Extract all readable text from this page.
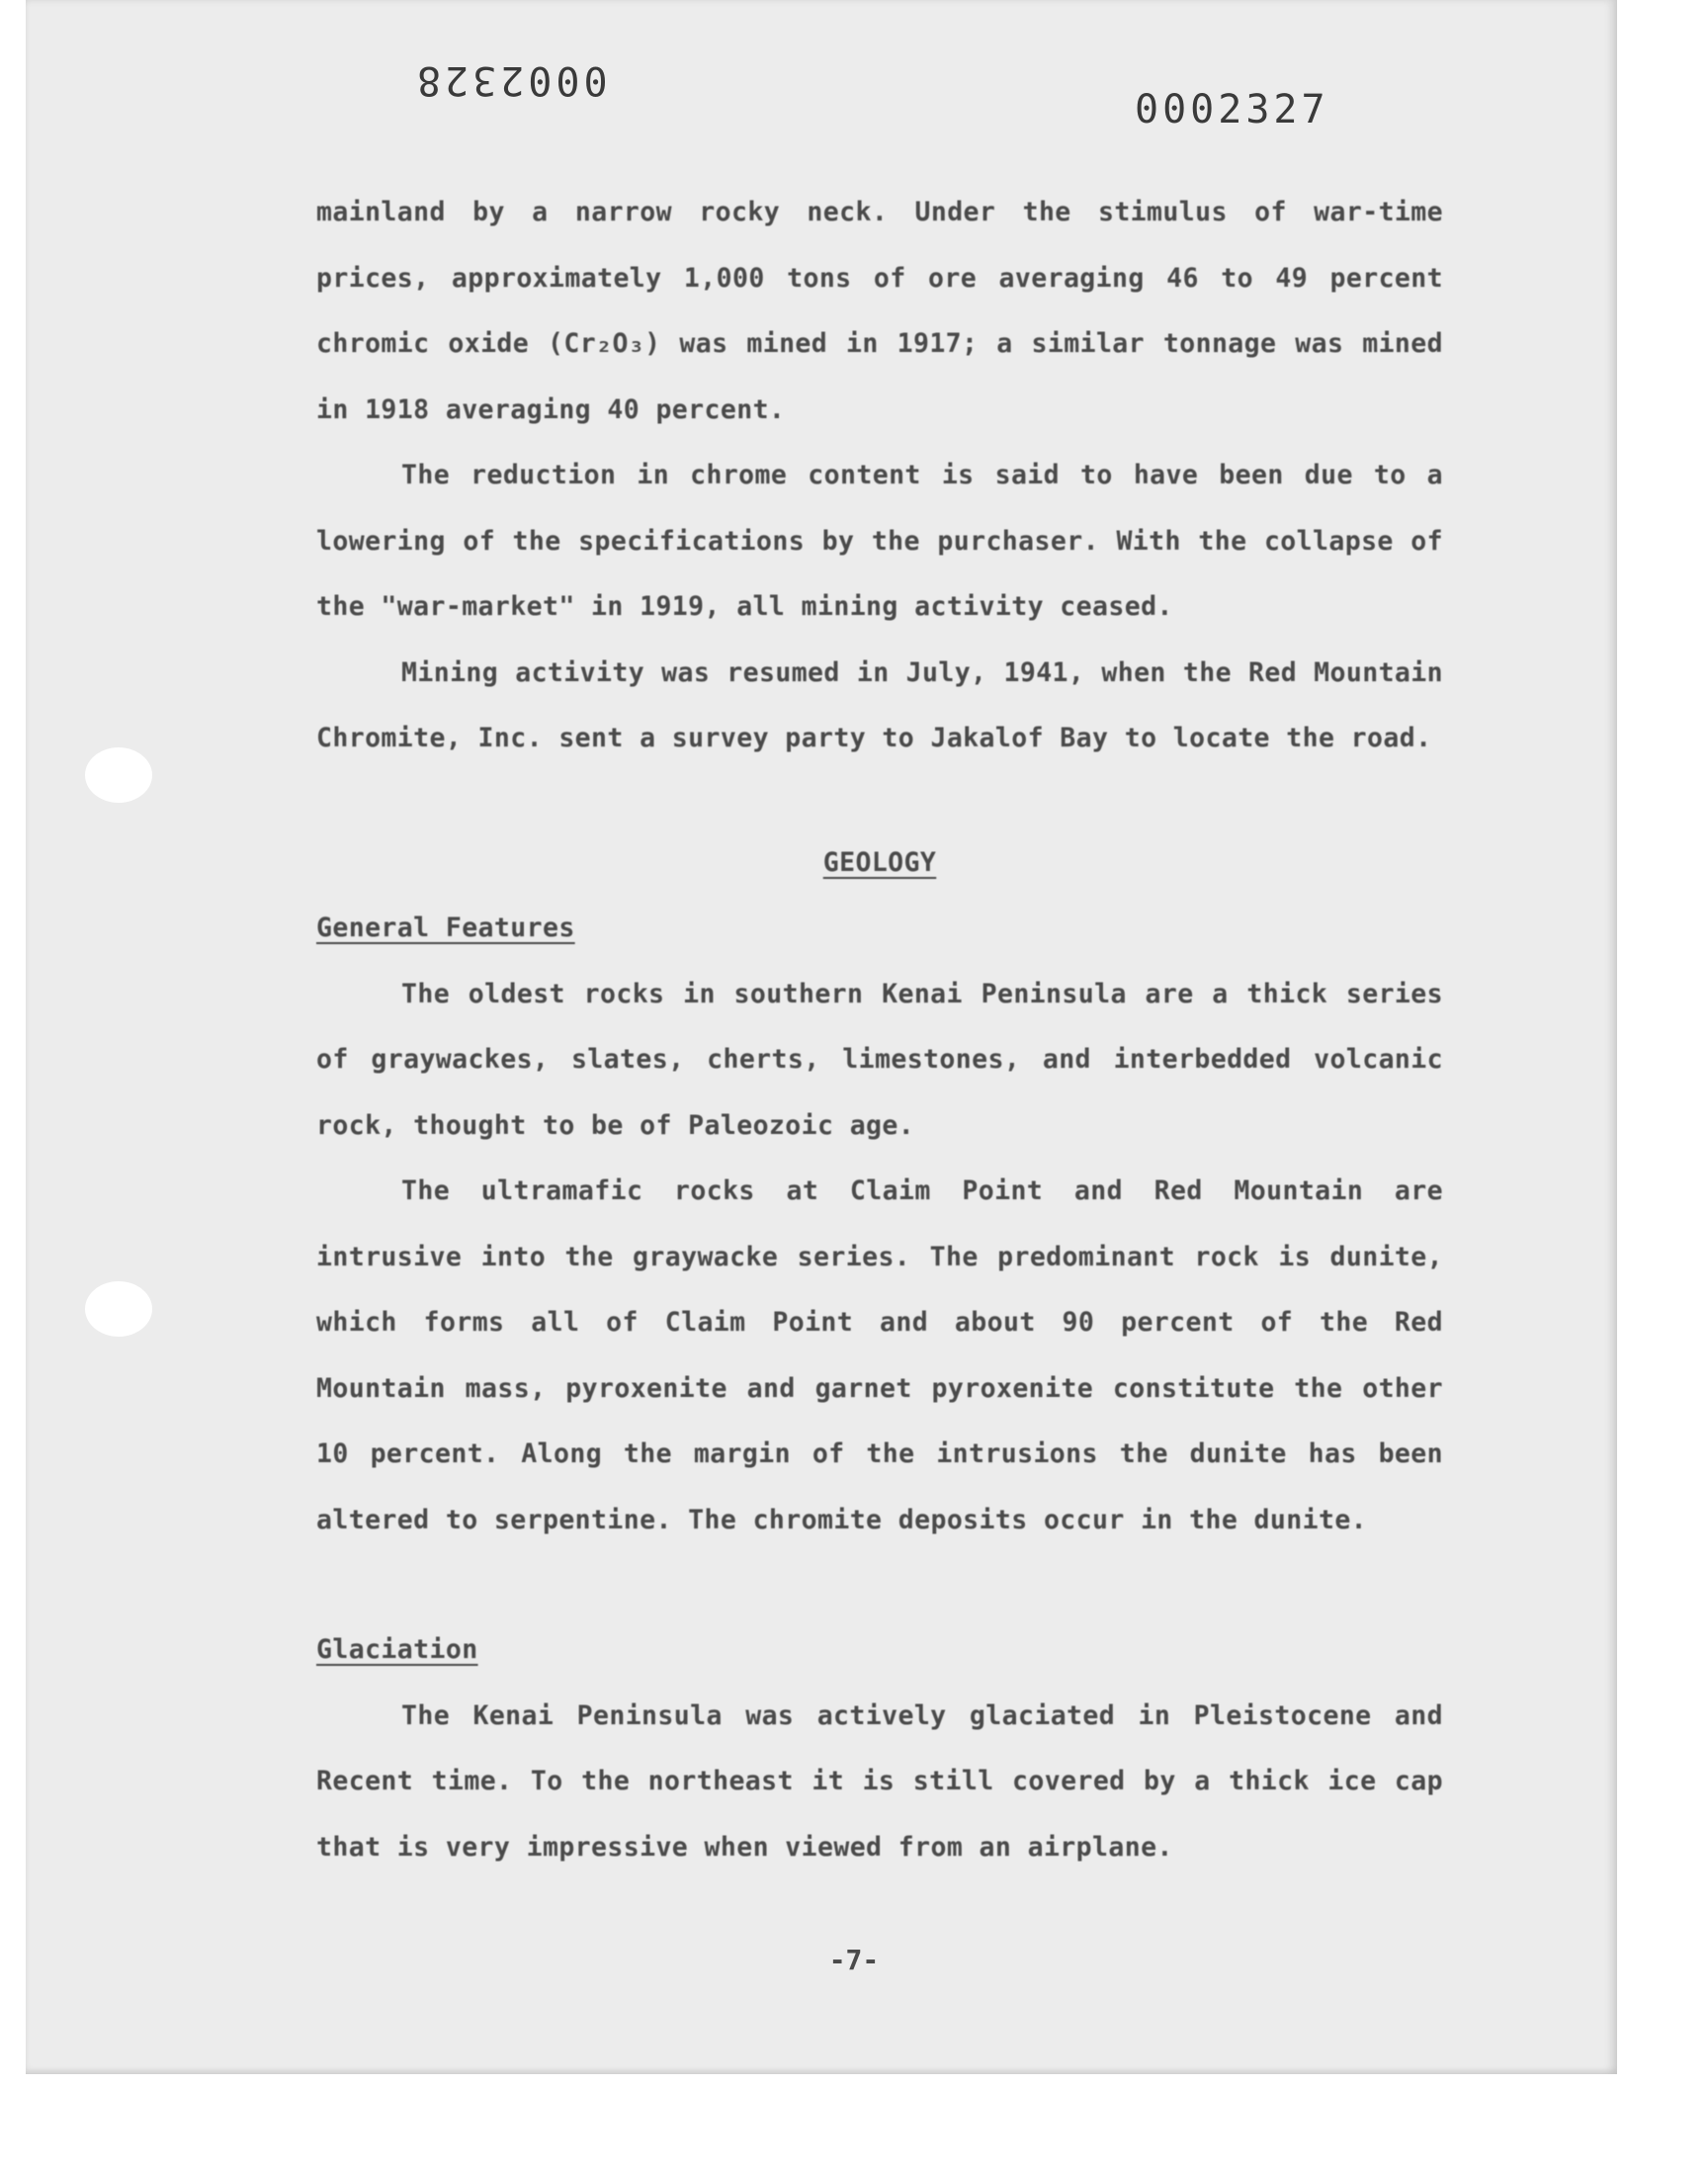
0002328
0002327

mainland by a narrow rocky neck. Under the stimulus of war-time prices, approximately 1,000 tons of ore averaging 46 to 49 percent chromic oxide (Cr₂O₃) was mined in 1917; a similar tonnage was mined in 1918 averaging 40 percent.

The reduction in chrome content is said to have been due to a lowering of the specifications by the purchaser. With the collapse of the "war-market" in 1919, all mining activity ceased.

Mining activity was resumed in July, 1941, when the Red Mountain Chromite, Inc. sent a survey party to Jakalof Bay to locate the road.

GEOLOGY

General Features

The oldest rocks in southern Kenai Peninsula are a thick series of graywackes, slates, cherts, limestones, and interbedded volcanic rock, thought to be of Paleozoic age.

The ultramafic rocks at Claim Point and Red Mountain are intrusive into the graywacke series. The predominant rock is dunite, which forms all of Claim Point and about 90 percent of the Red Mountain mass, pyroxenite and garnet pyroxenite constitute the other 10 percent. Along the margin of the intrusions the dunite has been altered to serpentine. The chromite deposits occur in the dunite.

Glaciation

The Kenai Peninsula was actively glaciated in Pleistocene and Recent time. To the northeast it is still covered by a thick ice cap that is very impressive when viewed from an airplane.

-7-
